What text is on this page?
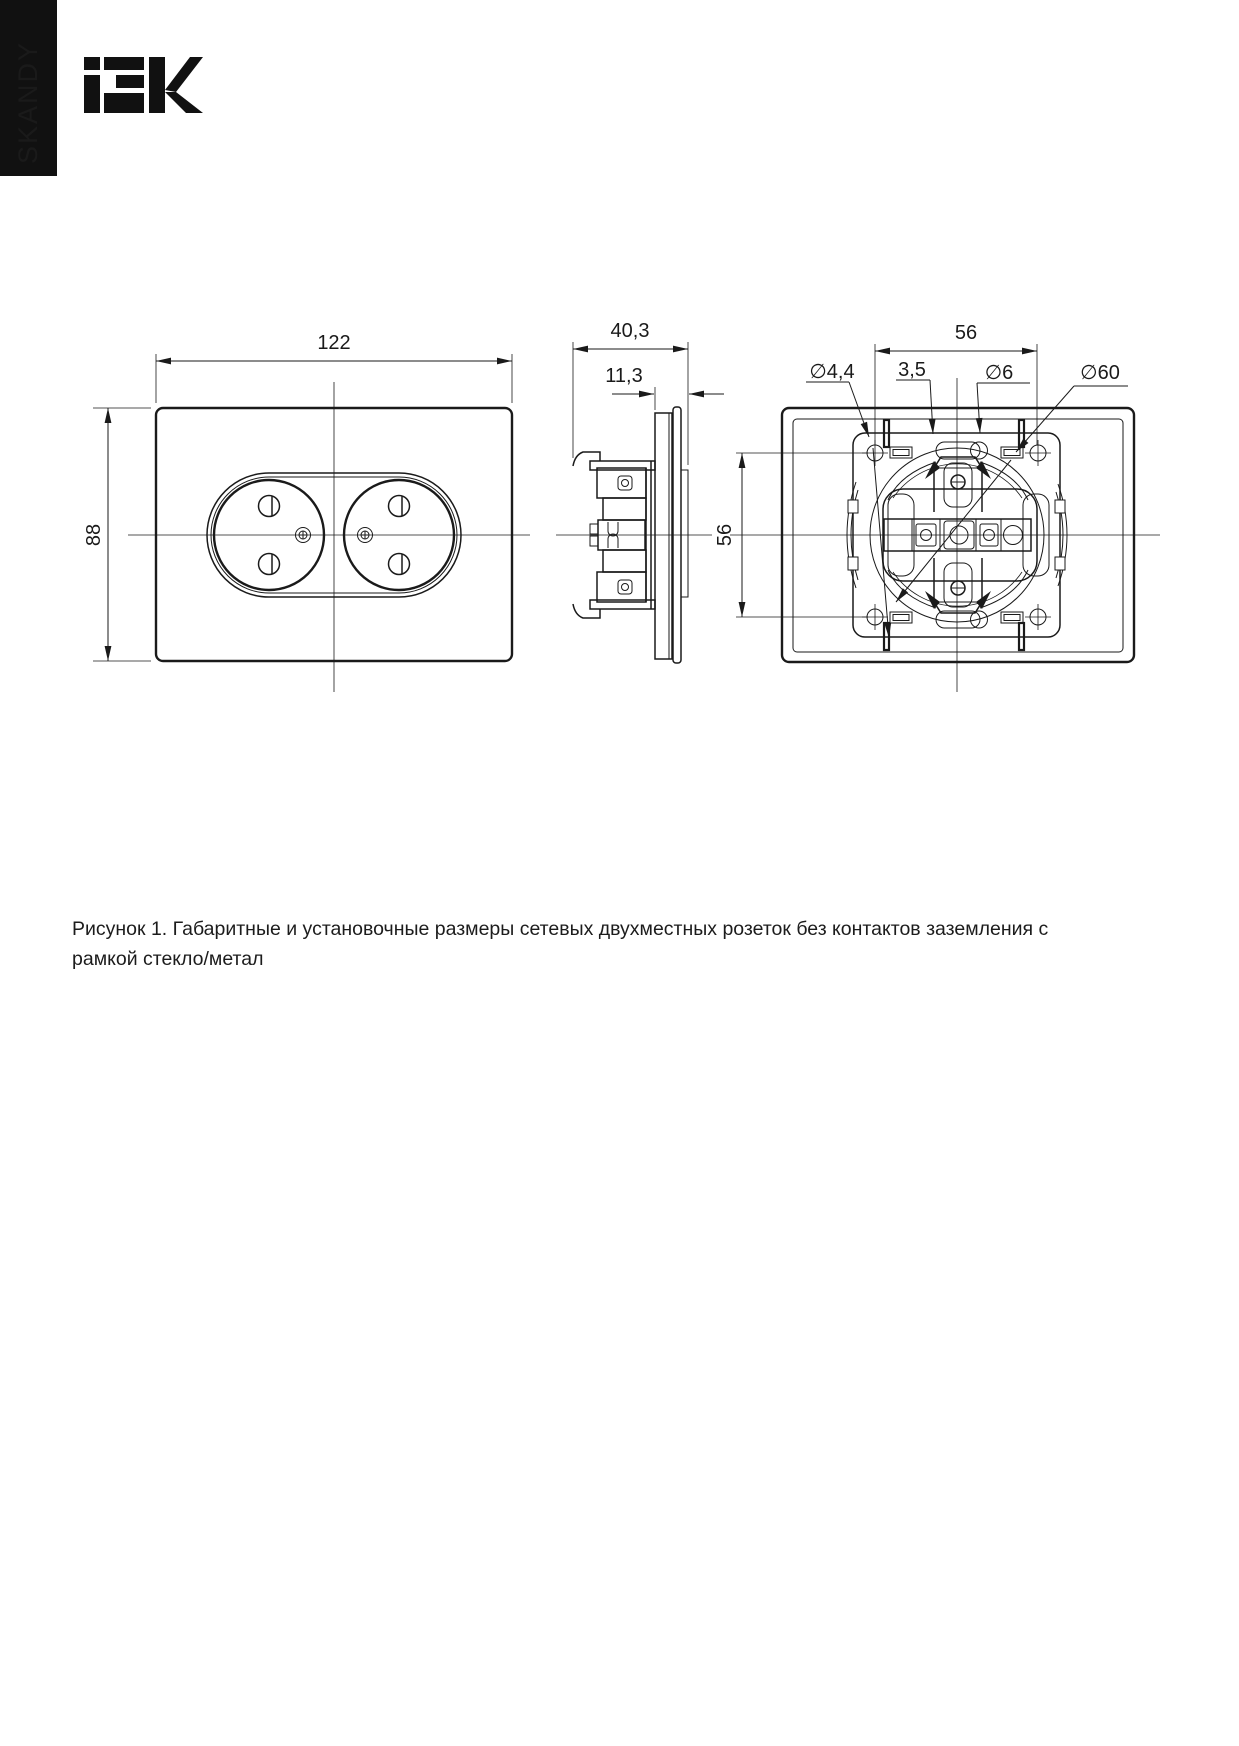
SKANDY
122
88
40,3
11,3
56
56
∅4,4 3,5	∅6	∅60
Рисунок 1. Габаритные и установочные размеры сетевых двухместных розеток без контактов заземления с
рамкой стекло/метал
